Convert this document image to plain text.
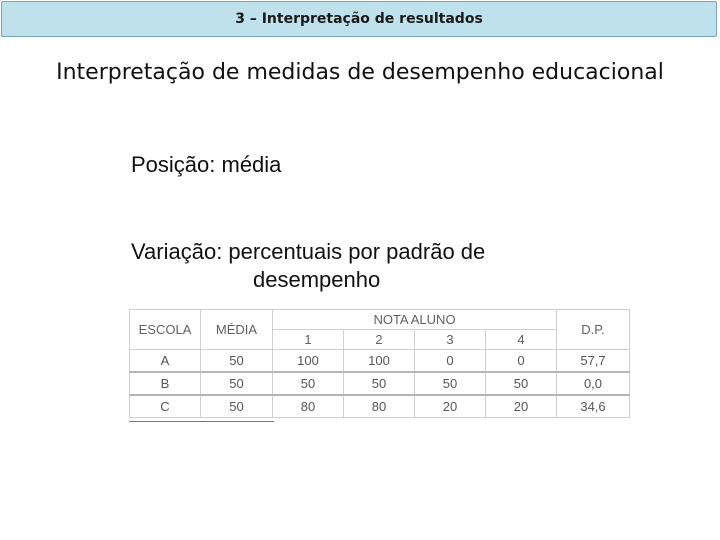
3 – Interpretação de resultados
Interpretação de medidas de desempenho educacional
Posição: média
Variação: percentuais por padrão de
desempenho
ESCOLA	MÉDIA	NOTA ALUNO				D.P.
		1	2	3	4	
A	50	100	100	0	0	57,7
B	50	50	50	50	50	0,0
C	50	80	80	20	20	34,6
